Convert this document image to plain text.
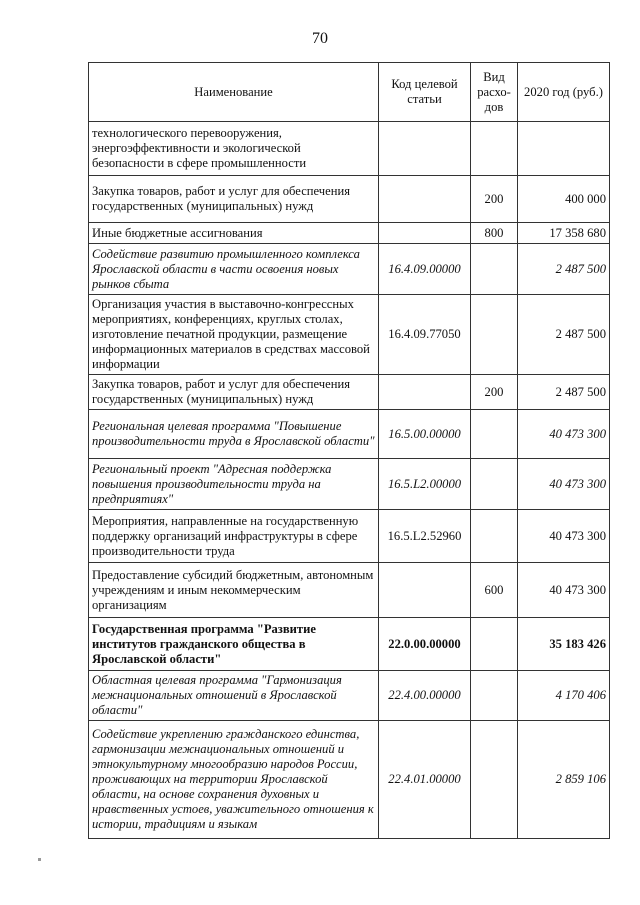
70
Наименование	Код целевой статьи	Вид расхо-дов	2020 год (руб.)
технологического перевооружения, энергоэффективности и экологической безопасности в сфере промышленности			
Закупка товаров, работ и услуг для обеспечения государственных (муниципальных) нужд		200	400 000
Иные бюджетные ассигнования		800	17 358 680
Содействие развитию промышленного комплекса Ярославской области в части освоения новых рынков сбыта	16.4.09.00000		2 487 500
Организация участия в выставочно-конгрессных мероприятиях, конференциях, круглых столах, изготовление печатной продукции, размещение информационных материалов в средствах массовой информации	16.4.09.77050		2 487 500
Закупка товаров, работ и услуг для обеспечения государственных (муниципальных) нужд		200	2 487 500
Региональная целевая программа "Повышение производительности труда в Ярославской области"	16.5.00.00000		40 473 300
Региональный проект "Адресная поддержка повышения производительности труда на предприятиях"	16.5.L2.00000		40 473 300
Мероприятия, направленные на государственную поддержку организаций инфраструктуры в сфере производительности труда	16.5.L2.52960		40 473 300
Предоставление субсидий бюджетным, автономным учреждениям и иным некоммерческим организациям		600	40 473 300
Государственная программа "Развитие институтов гражданского общества в Ярославской области"	22.0.00.00000		35 183 426
Областная целевая программа "Гармонизация межнациональных отношений в Ярославской области"	22.4.00.00000		4 170 406
Содействие укреплению гражданского единства, гармонизации межнациональных отношений и этнокультурному многообразию народов России, проживающих на территории Ярославской области, на основе сохранения духовных и нравственных устоев, уважительного отношения к истории, традициям и языкам	22.4.01.00000		2 859 106
